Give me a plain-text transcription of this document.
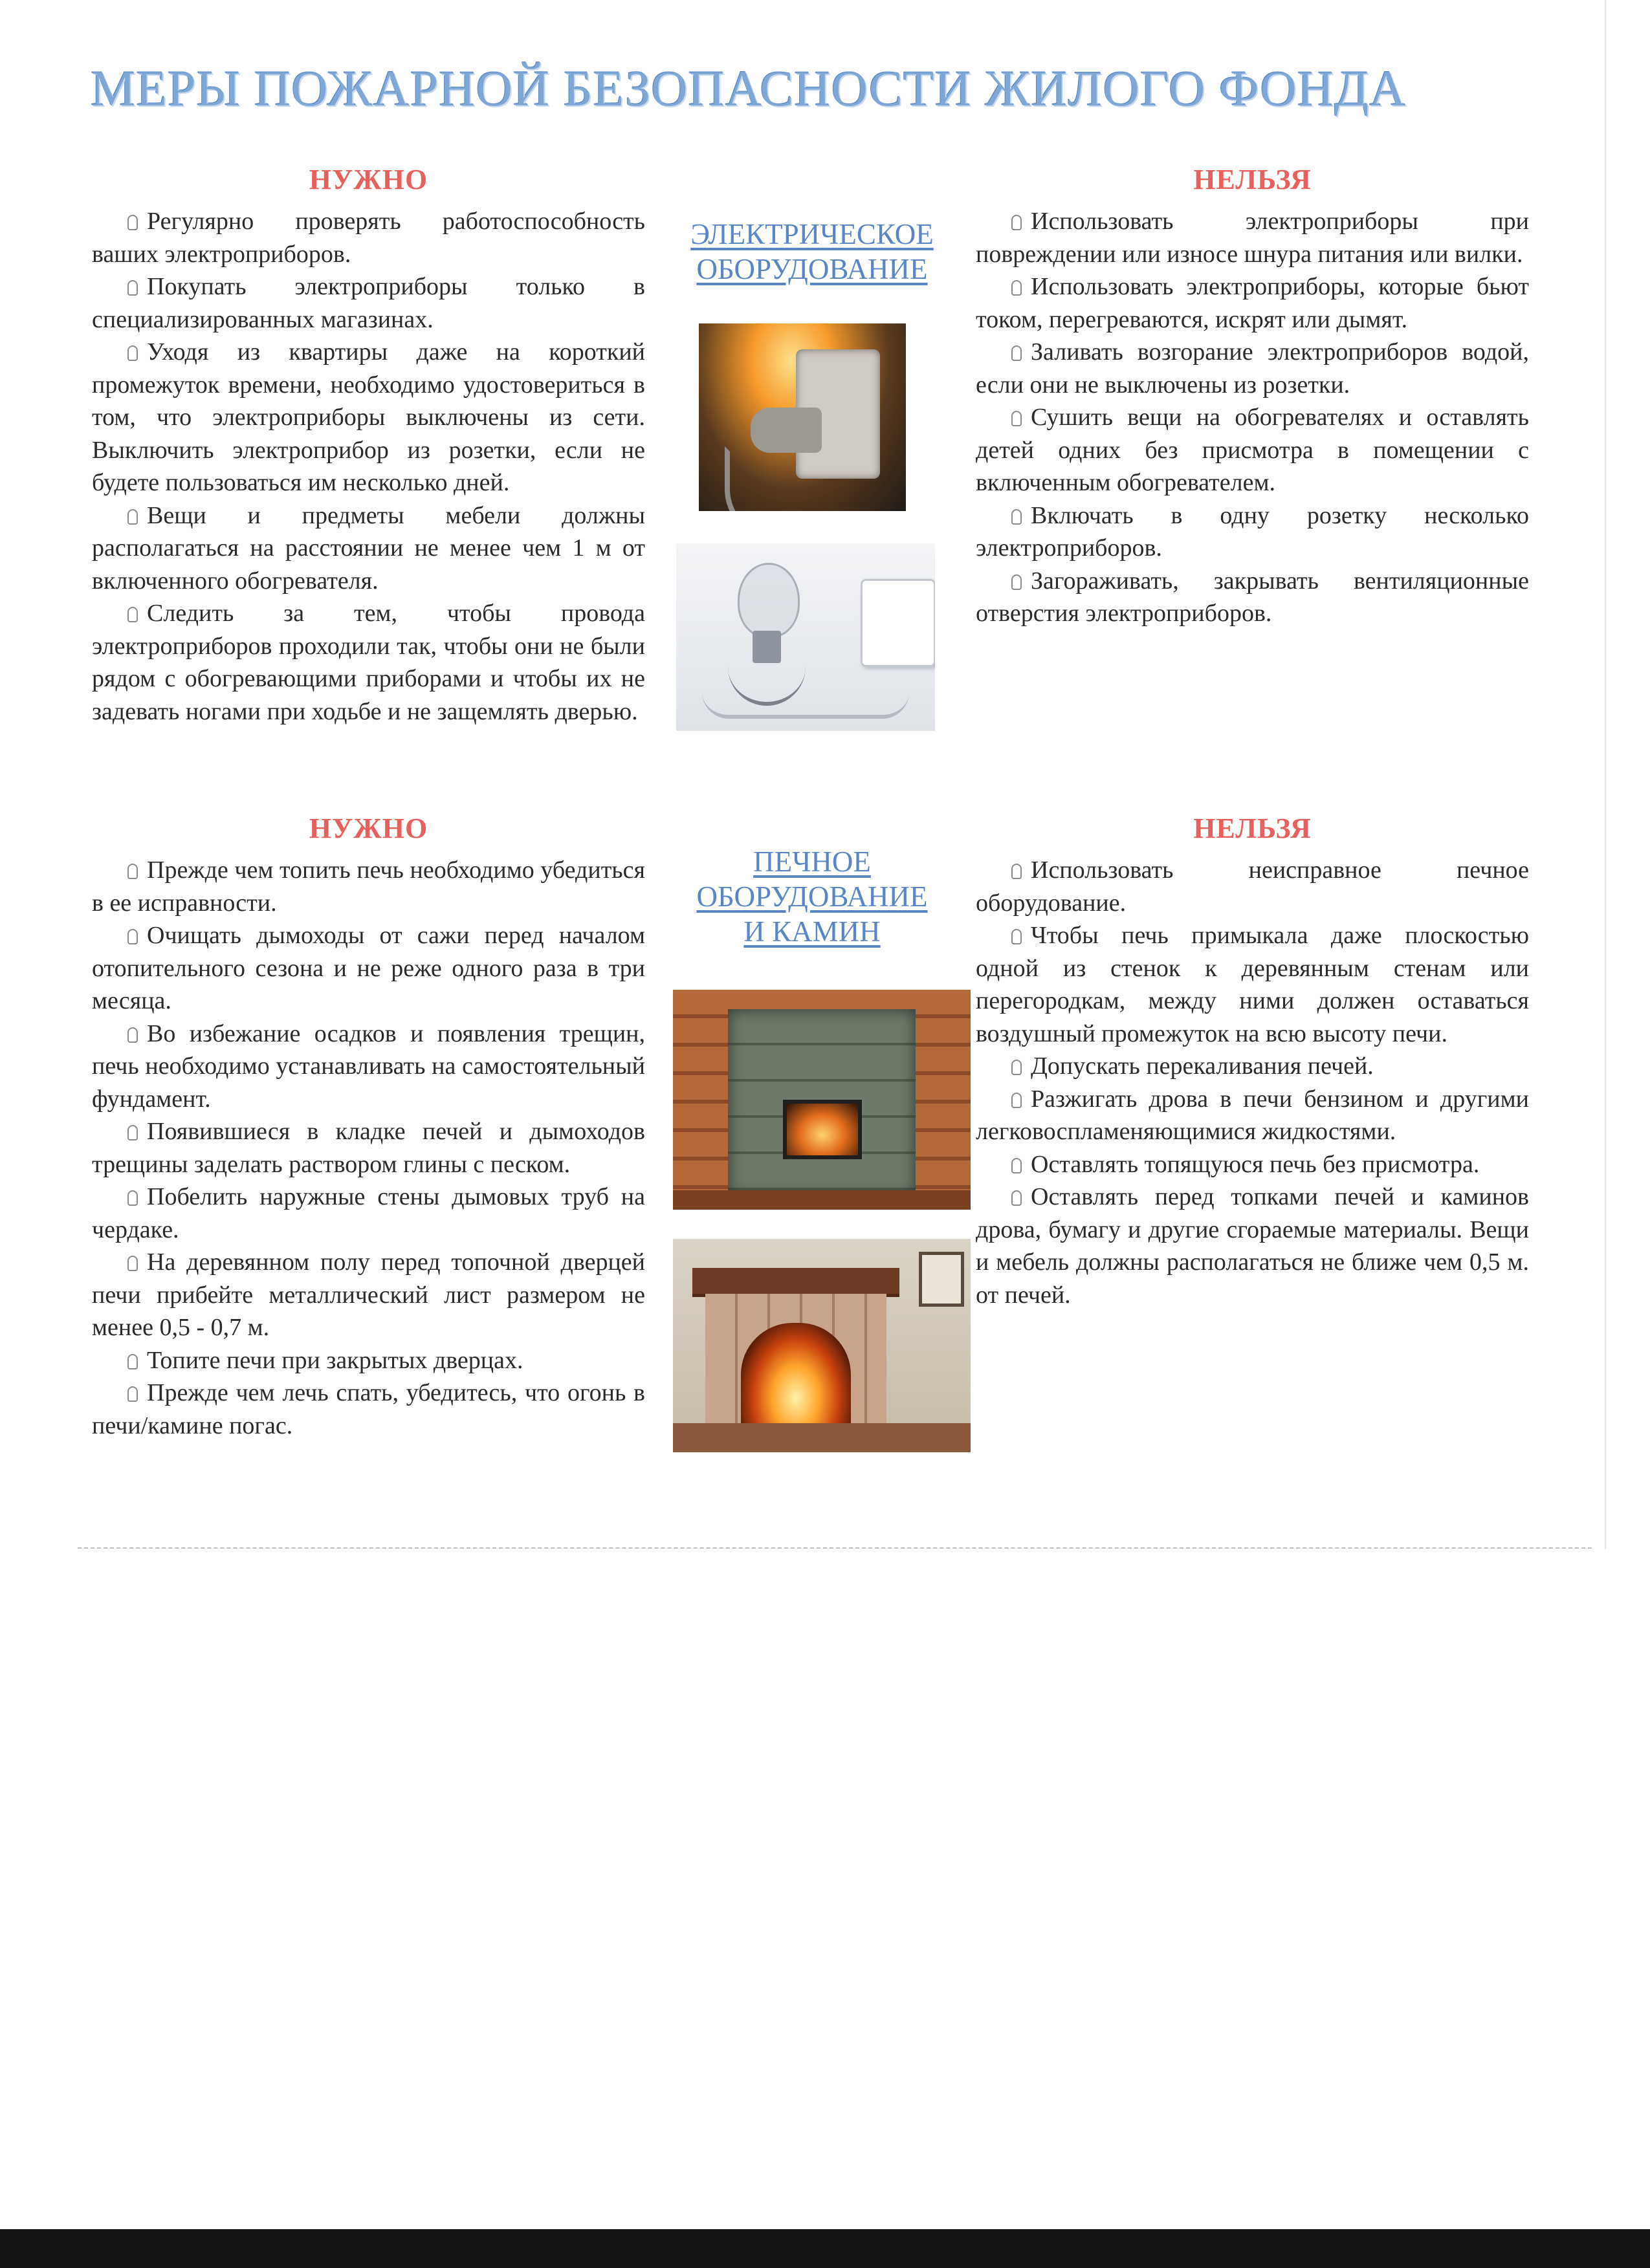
МЕРЫ ПОЖАРНОЙ БЕЗОПАСНОСТИ ЖИЛОГО ФОНДА
НУЖНО
Регулярно проверять работоспособность ваших электроприборов.
Покупать электроприборы только в специализированных магазинах.
Уходя из квартиры даже на короткий промежуток времени, необходимо удостовериться в том, что электроприборы выключены из сети. Выключить электроприбор из розетки, если не будете пользоваться им несколько дней.
Вещи и предметы мебели должны располагаться на расстоянии не менее чем 1 м от включенного обогревателя.
Следить за тем, чтобы провода электроприборов проходили так, чтобы они не были рядом с обогревающими приборами и чтобы их не задевать ногами при ходьбе и не защемлять дверью.
ЭЛЕКТРИЧЕСКОЕ
ОБОРУДОВАНИЕ
НЕЛЬЗЯ
Использовать электроприборы при повреждении или износе шнура питания или вилки.
Использовать электроприборы, которые бьют током, перегреваются, искрят или дымят.
Заливать возгорание электроприборов водой, если они не выключены из розетки.
Сушить вещи на обогревателях и оставлять детей одних без присмотра в помещении с включенным обогревателем.
Включать в одну розетку несколько электроприборов.
Загораживать, закрывать вентиляционные отверстия электроприборов.
НУЖНО
Прежде чем топить печь необходимо убедиться в ее исправности.
Очищать дымоходы от сажи перед началом отопительного сезона и не реже одного раза в три месяца.
Во избежание осадков и появления трещин, печь необходимо устанавливать на самостоятельный фундамент.
Появившиеся в кладке печей и дымоходов трещины заделать раствором глины с песком.
Побелить наружные стены дымовых труб на чердаке.
На деревянном полу перед топочной дверцей печи прибейте металлический лист размером не менее 0,5 - 0,7 м.
Топите печи при закрытых дверцах.
Прежде чем лечь спать, убедитесь, что огонь в печи/камине погас.
ПЕЧНОЕ
ОБОРУДОВАНИЕ
И КАМИН
НЕЛЬЗЯ
Использовать неисправное печное оборудование.
Чтобы печь примыкала даже плоскостью одной из стенок к деревянным стенам или перегородкам, между ними должен оставаться воздушный промежуток на всю высоту печи.
Допускать перекаливания печей.
Разжигать дрова в печи бензином и другими легковоспламеняющимися жидкостями.
Оставлять топящуюся печь без присмотра.
Оставлять перед топками печей и каминов дрова, бумагу и другие сгораемые материалы. Вещи и мебель должны располагаться не ближе чем 0,5 м. от печей.
